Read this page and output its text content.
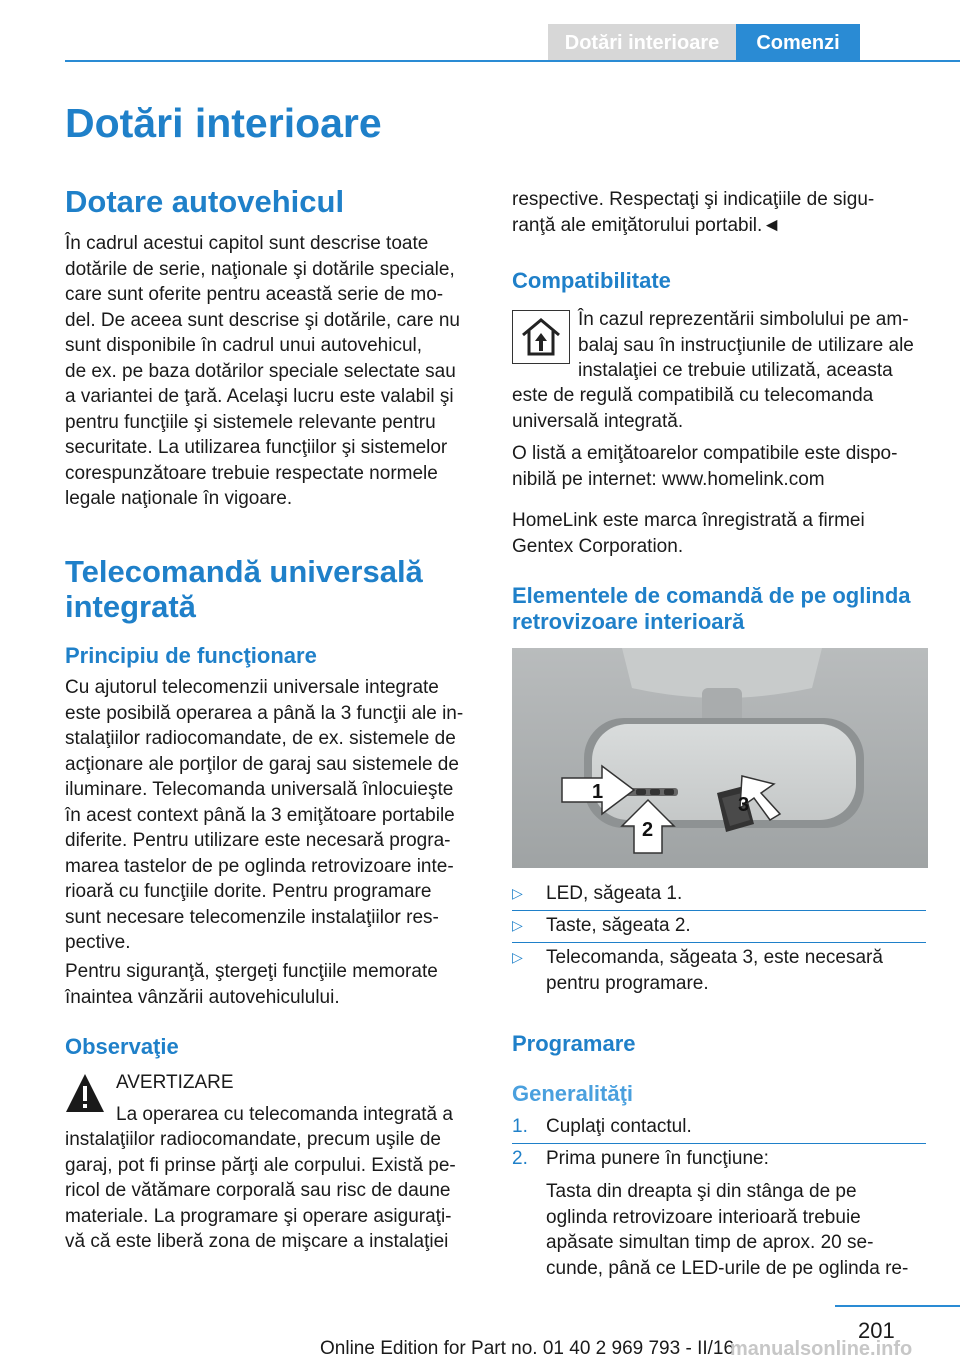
Dotări interioare	Comenzi
Dotări interioare
Dotare autovehicul

În cadrul acestui capitol sunt descrise toate

dotările de serie, naţionale şi dotările speciale,

care sunt oferite pentru această serie de mo‐

del. De aceea sunt descrise şi dotările, care nu

sunt disponibile în cadrul unui autovehicul,

de ex. pe baza dotărilor speciale selectate sau

a variantei de ţară. Acelaşi lucru este valabil şi

pentru funcţiile şi sistemele relevante pentru

securitate. La utilizarea funcţiilor şi sistemelor

corespunzătoare trebuie respectate normele

legale naţionale în vigoare.

Telecomandă universală
integrată
Principiu de funcţionare

Cu ajutorul telecomenzii universale integrate

este posibilă operarea a până la 3 funcţii ale in‐

stalaţiilor radiocomandate, de ex. sistemele de

acţionare ale porţilor de garaj sau sistemele de

iluminare. Telecomanda universală înlocuieşte

în acest context până la 3 emiţătoare portabile

diferite. Pentru utilizare este necesară progra‐

marea tastelor de pe oglinda retrovizoare inte‐

rioară cu funcţiile dorite. Pentru programare

sunt necesare telecomenzile instalaţiilor res‐

pective.

Pentru siguranţă, ştergeţi funcţiile memorate

înaintea vânzării autovehiculului.

Observaţie
AVERTIZARE

La operarea cu telecomanda integrată a

instalaţiilor radiocomandate, precum uşile de

garaj, pot fi prinse părţi ale corpului. Există pe‐

ricol de vătămare corporală sau risc de daune

materiale. La programare şi operare asiguraţi-

vă că este liberă zona de mişcare a instalaţiei

respective. Respectaţi şi indicaţiile de sigu‐

ranţă ale emiţătorului portabil.◄

Compatibilitate

În cazul reprezentării simbolului pe am‐

balaj sau în instrucţiunile de utilizare ale

instalaţiei ce trebuie utilizată, aceasta

este de regulă compatibilă cu telecomanda

universală integrată.

O listă a emiţătoarelor compatibile este dispo‐

nibilă pe internet: www.homelink.com

HomeLink este marca înregistrată a firmei

Gentex Corporation.

Elementele de comandă de pe oglinda
retrovizoare interioară
1
2
3
▷ LED, săgeata 1.
▷ Taste, săgeata 2.
▷ Telecomanda, săgeata 3, este necesară
pentru programare.
Programare
Generalităţi
1. Cuplaţi contactul.
2. Prima punere în funcţiune:

Tasta din dreapta şi din stânga de pe

oglinda retrovizoare interioară trebuie

apăsate simultan timp de aprox. 20 se‐

cunde, până ce LED-urile de pe oglinda re‐

201
Online Edition for Part no. 01 40 2 969 793 - II/16
manualsonline.info
